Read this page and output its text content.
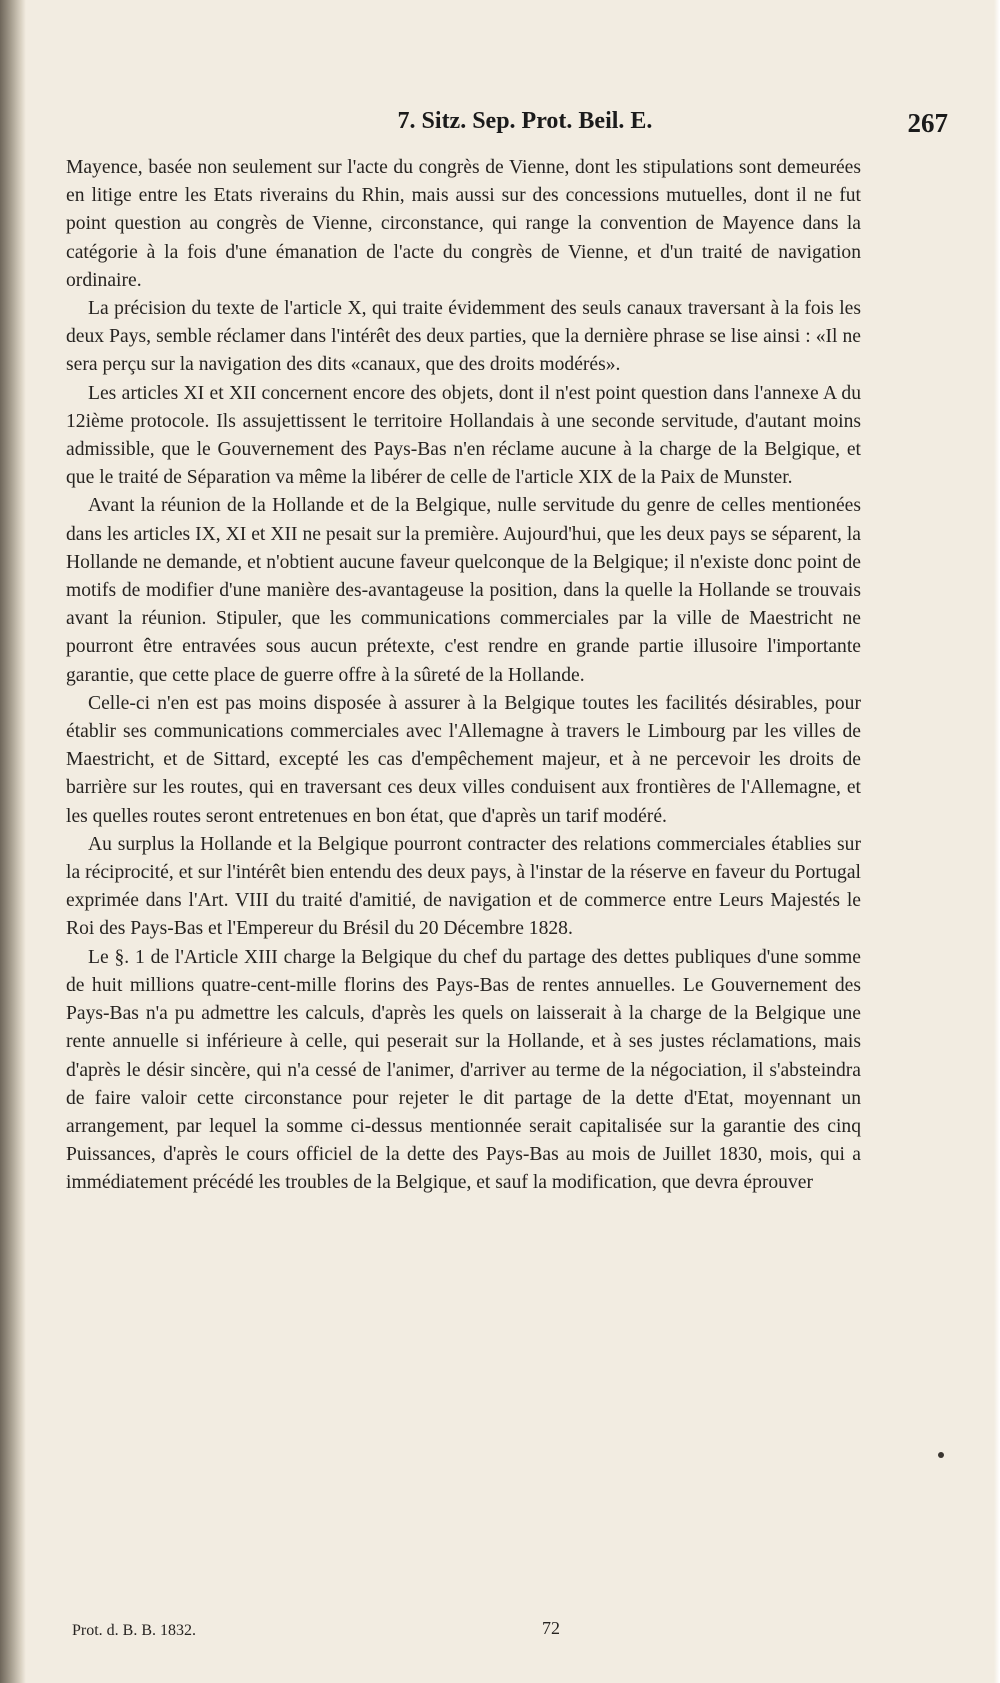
7. Sitz. Sep. Prot. Beil. E.	267

Mayence, basée non seulement sur l'acte du congrès de Vienne, dont les stipulations sont demeurées en litige entre les Etats riverains du Rhin, mais aussi sur des concessions mutuelles, dont il ne fut point question au congrès de Vienne, circonstance, qui range la convention de Mayence dans la catégorie à la fois d'une émanation de l'acte du congrès de Vienne, et d'un traité de navigation ordinaire.

La précision du texte de l'article X, qui traite évidemment des seuls canaux traversant à la fois les deux Pays, semble réclamer dans l'intérêt des deux parties, que la dernière phrase se lise ainsi : «Il ne sera perçu sur la navigation des dits «canaux, que des droits modérés».

Les articles XI et XII concernent encore des objets, dont il n'est point question dans l'annexe A du 12ième protocole. Ils assujettissent le territoire Hollandais à une seconde servitude, d'autant moins admissible, que le Gouvernement des Pays-Bas n'en réclame aucune à la charge de la Belgique, et que le traité de Séparation va même la libérer de celle de l'article XIX de la Paix de Munster.

Avant la réunion de la Hollande et de la Belgique, nulle servitude du genre de celles mentionées dans les articles IX, XI et XII ne pesait sur la première. Aujourd'hui, que les deux pays se séparent, la Hollande ne demande, et n'obtient aucune faveur quelconque de la Belgique; il n'existe donc point de motifs de modifier d'une manière des-avantageuse la position, dans la quelle la Hollande se trouvais avant la réunion. Stipuler, que les communications commerciales par la ville de Maestricht ne pourront être entravées sous aucun prétexte, c'est rendre en grande partie illusoire l'importante garantie, que cette place de guerre offre à la sûreté de la Hollande.

Celle-ci n'en est pas moins disposée à assurer à la Belgique toutes les facilités désirables, pour établir ses communications commerciales avec l'Allemagne à travers le Limbourg par les villes de Maestricht, et de Sittard, excepté les cas d'empêchement majeur, et à ne percevoir les droits de barrière sur les routes, qui en traversant ces deux villes conduisent aux frontières de l'Allemagne, et les quelles routes seront entretenues en bon état, que d'après un tarif modéré.

Au surplus la Hollande et la Belgique pourront contracter des relations commerciales établies sur la réciprocité, et sur l'intérêt bien entendu des deux pays, à l'instar de la réserve en faveur du Portugal exprimée dans l'Art. VIII du traité d'amitié, de navigation et de commerce entre Leurs Majestés le Roi des Pays-Bas et l'Empereur du Brésil du 20 Décembre 1828.

Le §. 1 de l'Article XIII charge la Belgique du chef du partage des dettes publiques d'une somme de huit millions quatre-cent-mille florins des Pays-Bas de rentes annuelles. Le Gouvernement des Pays-Bas n'a pu admettre les calculs, d'après les quels on laisserait à la charge de la Belgique une rente annuelle si inférieure à celle, qui peserait sur la Hollande, et à ses justes réclamations, mais d'après le désir sincère, qui n'a cessé de l'animer, d'arriver au terme de la négociation, il s'absteindra de faire valoir cette circonstance pour rejeter le dit partage de la dette d'Etat, moyennant un arrangement, par lequel la somme ci-dessus mentionnée serait capitalisée sur la garantie des cinq Puissances, d'après le cours officiel de la dette des Pays-Bas au mois de Juillet 1830, mois, qui a immédiatement précédé les troubles de la Belgique, et sauf la modification, que devra éprouver

Prot. d. B. B. 1832.	72
